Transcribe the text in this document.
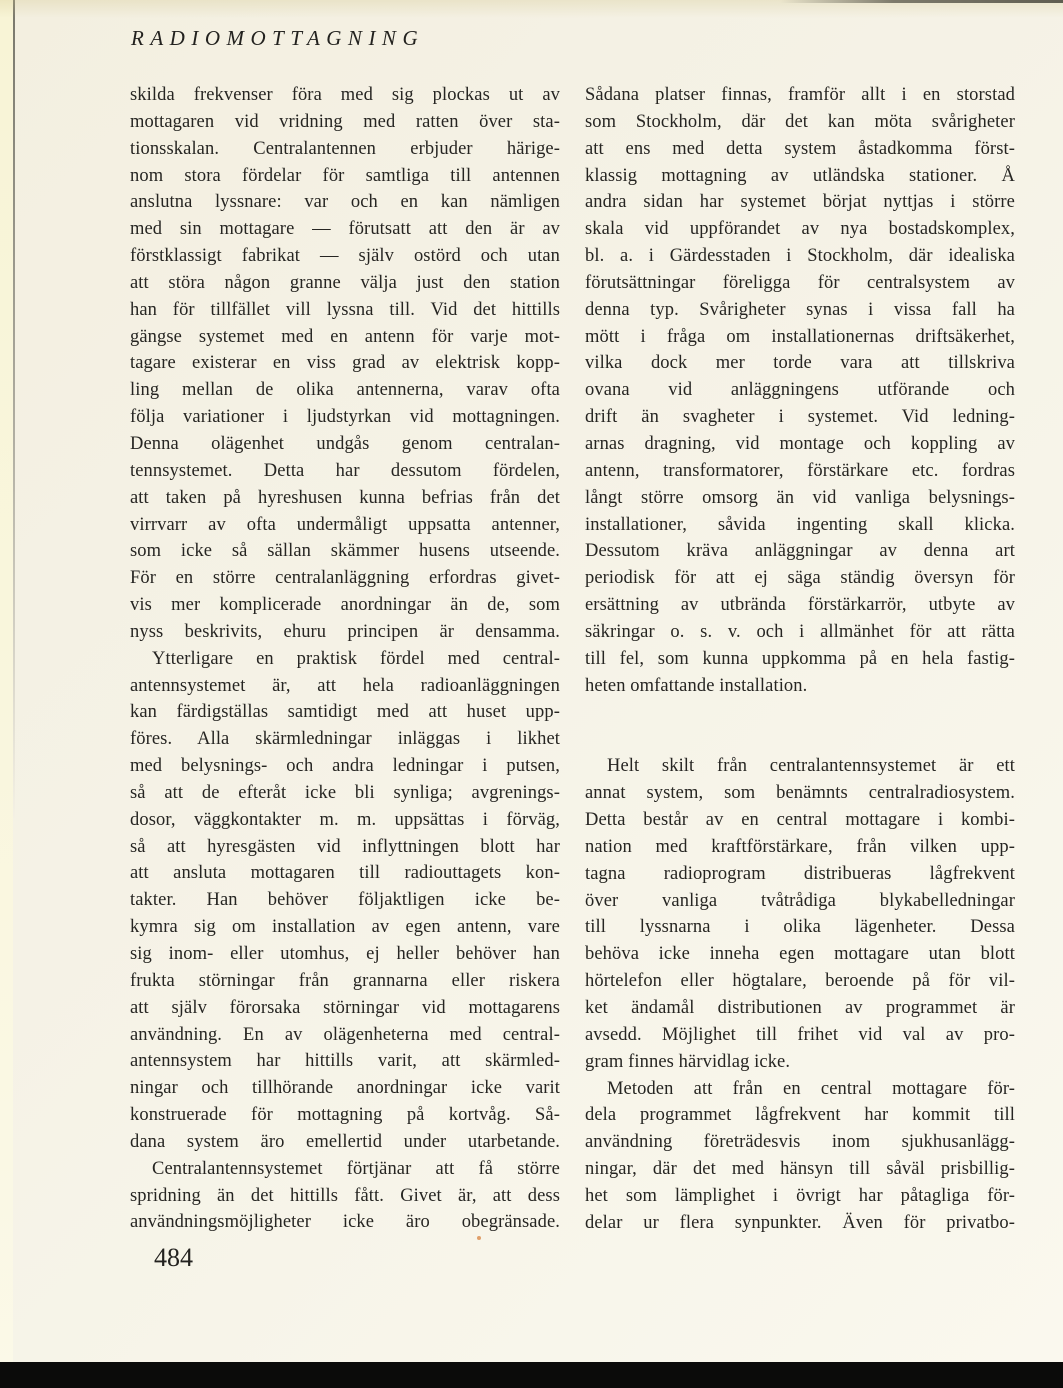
RADIOMOTTAGNING
skilda frekvenser föra med sig plockas ut av
mottagaren vid vridning med ratten över sta-
tionsskalan. Centralantennen erbjuder härige-
nom stora fördelar för samtliga till antennen
anslutna lyssnare: var och en kan nämligen
med sin mottagare — förutsatt att den är av
förstklassigt fabrikat — själv ostörd och utan
att störa någon granne välja just den station
han för tillfället vill lyssna till. Vid det hittills
gängse systemet med en antenn för varje mot-
tagare existerar en viss grad av elektrisk kopp-
ling mellan de olika antennerna, varav ofta
följa variationer i ljudstyrkan vid mottagningen.
Denna olägenhet undgås genom centralan-
tennsystemet. Detta har dessutom fördelen,
att taken på hyreshusen kunna befrias från det
virrvarr av ofta undermåligt uppsatta antenner,
som icke så sällan skämmer husens utseende.
För en större centralanläggning erfordras givet-
vis mer komplicerade anordningar än de, som
nyss beskrivits, ehuru principen är densamma.
Ytterligare en praktisk fördel med central-
antennsystemet är, att hela radioanläggningen
kan färdigställas samtidigt med att huset upp-
föres. Alla skärmledningar inläggas i likhet
med belysnings- och andra ledningar i putsen,
så att de efteråt icke bli synliga; avgrenings-
dosor, väggkontakter m. m. uppsättas i förväg,
så att hyresgästen vid inflyttningen blott har
att ansluta mottagaren till radiouttagets kon-
takter. Han behöver följaktligen icke be-
kymra sig om installation av egen antenn, vare
sig inom- eller utomhus, ej heller behöver han
frukta störningar från grannarna eller riskera
att själv förorsaka störningar vid mottagarens
användning. En av olägenheterna med central-
antennsystem har hittills varit, att skärmled-
ningar och tillhörande anordningar icke varit
konstruerade för mottagning på kortvåg. Så-
dana system äro emellertid under utarbetande.
Centralantennsystemet förtjänar att få större
spridning än det hittills fått. Givet är, att dess
användningsmöjligheter icke äro obegränsade.
Sådana platser finnas, framför allt i en storstad
som Stockholm, där det kan möta svårigheter
att ens med detta system åstadkomma först-
klassig mottagning av utländska stationer. Å
andra sidan har systemet börjat nyttjas i större
skala vid uppförandet av nya bostadskomplex,
bl. a. i Gärdesstaden i Stockholm, där idealiska
förutsättningar föreligga för centralsystem av
denna typ. Svårigheter synas i vissa fall ha
mött i fråga om installationernas driftsäkerhet,
vilka dock mer torde vara att tillskriva
ovana vid anläggningens utförande och
drift än svagheter i systemet. Vid ledning-
arnas dragning, vid montage och koppling av
antenn, transformatorer, förstärkare etc. fordras
långt större omsorg än vid vanliga belysnings-
installationer, såvida ingenting skall klicka.
Dessutom kräva anläggningar av denna art
periodisk för att ej säga ständig översyn för
ersättning av utbrända förstärkarrör, utbyte av
säkringar o. s. v. och i allmänhet för att rätta
till fel, som kunna uppkomma på en hela fastig-
heten omfattande installation.
Helt skilt från centralantennsystemet är ett
annat system, som benämnts centralradiosystem.
Detta består av en central mottagare i kombi-
nation med kraftförstärkare, från vilken upp-
tagna radioprogram distribueras lågfrekvent
över vanliga tvåtrådiga blykabelledningar
till lyssnarna i olika lägenheter. Dessa
behöva icke inneha egen mottagare utan blott
hörtelefon eller högtalare, beroende på för vil-
ket ändamål distributionen av programmet är
avsedd. Möjlighet till frihet vid val av pro-
gram finnes härvidlag icke.
Metoden att från en central mottagare för-
dela programmet lågfrekvent har kommit till
användning företrädesvis inom sjukhusanlägg-
ningar, där det med hänsyn till såväl prisbillig-
het som lämplighet i övrigt har påtagliga för-
delar ur flera synpunkter. Även för privatbo-
484
